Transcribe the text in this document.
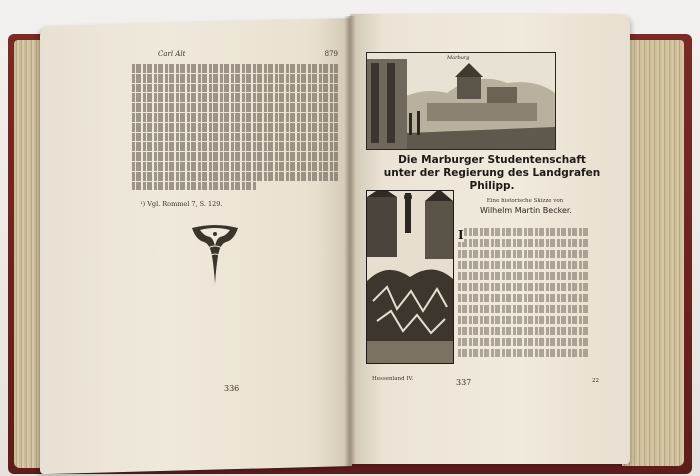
Carl Alt	879
¹) Vgl. Rommel 7, S. 129.
336
Marburg
Die Marburger Studentenschaft
unter der Regierung des Landgrafen Philipp.
Eine historische Skizze von
Wilhelm Martin Becker.
I
Hessenland IV.	337	22
